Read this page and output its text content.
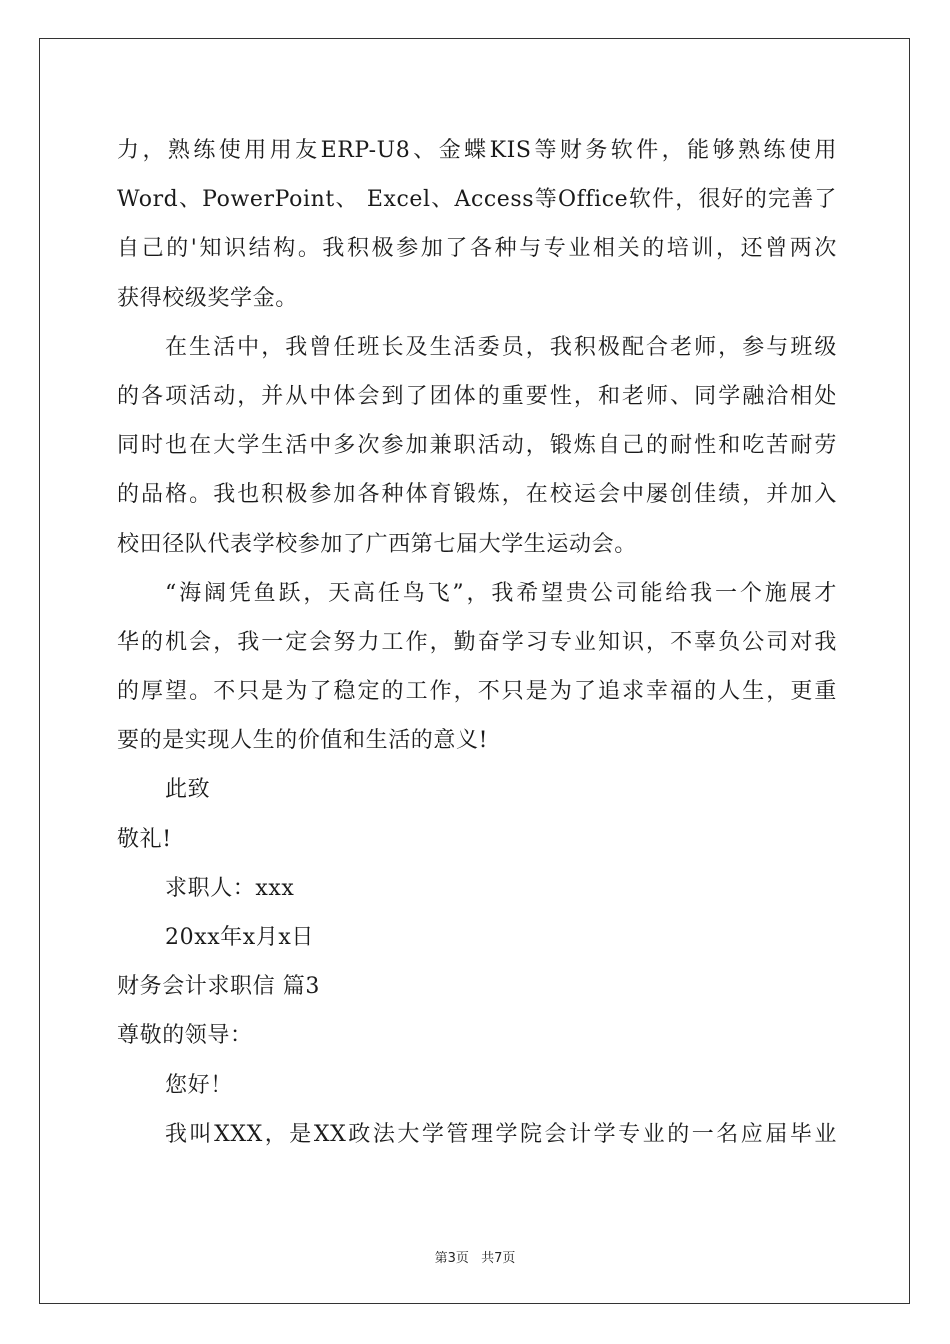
力，熟练使用用友ERP-U8、金蝶KIS等财务软件，能够熟练使用
Word、PowerPoint、 Excel、Access等Office软件，很好的完善了
自己的'知识结构。我积极参加了各种与专业相关的培训，还曾两次
获得校级奖学金。
在生活中，我曾任班长及生活委员，我积极配合老师，参与班级
的各项活动，并从中体会到了团体的重要性，和老师、同学融洽相处
同时也在大学生活中多次参加兼职活动，锻炼自己的耐性和吃苦耐劳
的品格。我也积极参加各种体育锻炼，在校运会中屡创佳绩，并加入
校田径队代表学校参加了广西第七届大学生运动会。
“海阔凭鱼跃，天高任鸟飞”，我希望贵公司能给我一个施展才
华的机会，我一定会努力工作，勤奋学习专业知识，不辜负公司对我
的厚望。不只是为了稳定的工作，不只是为了追求幸福的人生，更重
要的是实现人生的价值和生活的意义!
此致
敬礼!
求职人：xxx
20xx年x月x日
财务会计求职信 篇3
尊敬的领导：
您好！
我叫XXX，是XX政法大学管理学院会计学专业的一名应届毕业
第3页 共7页
